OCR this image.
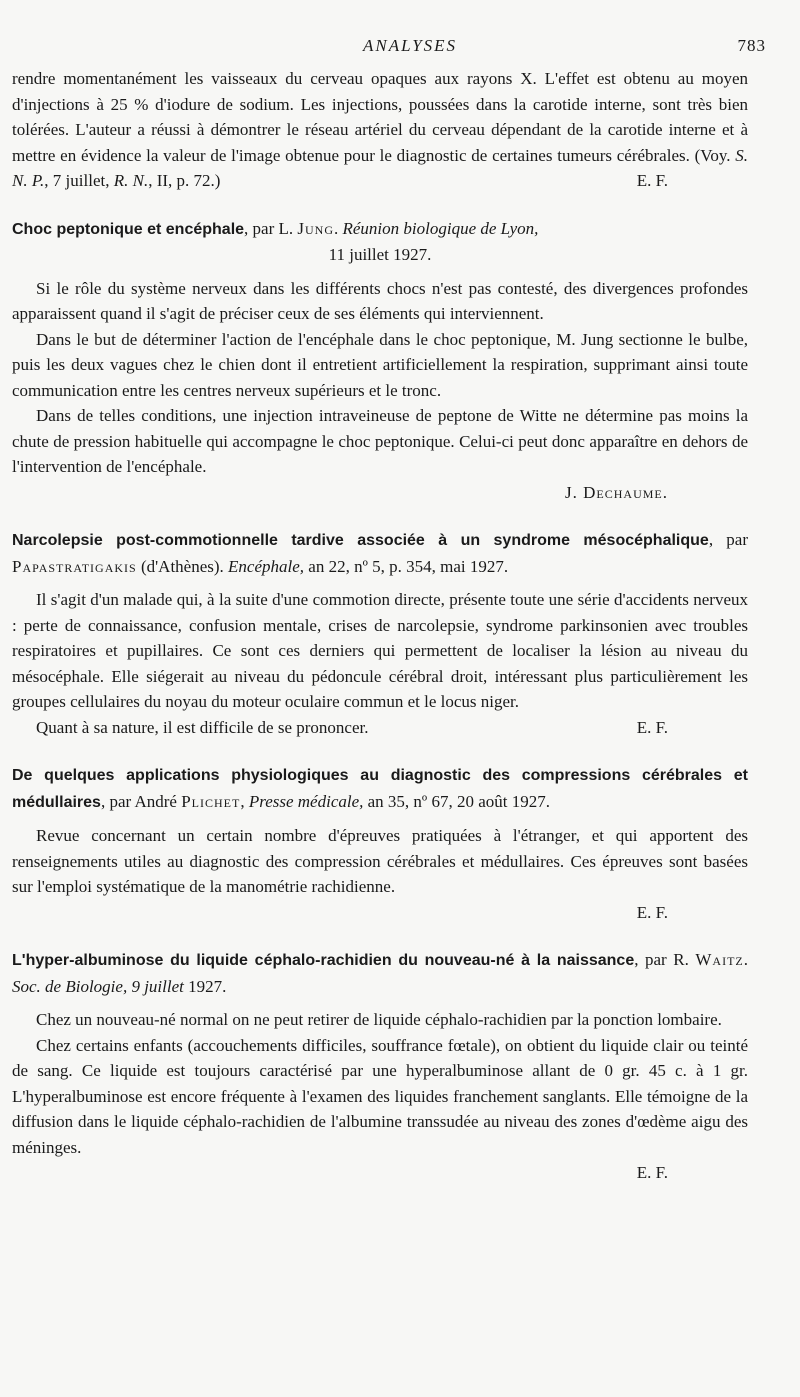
ANALYSES	783

rendre momentanément les vaisseaux du cerveau opaques aux rayons X. L'effet est obtenu au moyen d'injections à 25 % d'iodure de sodium. Les injections, poussées dans la carotide interne, sont très bien tolérées. L'auteur a réussi à démontrer le réseau artériel du cerveau dépendant de la carotide interne et à mettre en évidence la valeur de l'image obtenue pour le diagnostic de certaines tumeurs cérébrales. (Voy. S. N. P., 7 juillet, R. N., II, p. 72.)	E. F.

Choc peptonique et encéphale, par L. Jung. Réunion biologique de Lyon,
11 juillet 1927.

Si le rôle du système nerveux dans les différents chocs n'est pas contesté, des divergences profondes apparaissent quand il s'agit de préciser ceux de ses éléments qui interviennent.

Dans le but de déterminer l'action de l'encéphale dans le choc peptonique, M. Jung sectionne le bulbe, puis les deux vagues chez le chien dont il entretient artificiellement la respiration, supprimant ainsi toute communication entre les centres nerveux supérieurs et le tronc.

Dans de telles conditions, une injection intraveineuse de peptone de Witte ne détermine pas moins la chute de pression habituelle qui accompagne le choc peptonique. Celui-ci peut donc apparaître en dehors de l'intervention de l'encéphale.

J. Dechaume.

Narcolepsie post-commotionnelle tardive associée à un syndrome mésocéphalique, par Papastratigakis (d'Athènes). Encéphale, an 22, nº 5, p. 354, mai 1927.

Il s'agit d'un malade qui, à la suite d'une commotion directe, présente toute une série d'accidents nerveux : perte de connaissance, confusion mentale, crises de narcolepsie, syndrome parkinsonien avec troubles respiratoires et pupillaires. Ce sont ces derniers qui permettent de localiser la lésion au niveau du mésocéphale. Elle siégerait au niveau du pédoncule cérébral droit, intéressant plus particulièrement les groupes cellulaires du noyau du moteur oculaire commun et le locus niger.

Quant à sa nature, il est difficile de se prononcer.	E. F.

De quelques applications physiologiques au diagnostic des compressions cérébrales et médullaires, par André Plichet, Presse médicale, an 35, nº 67, 20 août 1927.

Revue concernant un certain nombre d'épreuves pratiquées à l'étranger, et qui apportent des renseignements utiles au diagnostic des compression cérébrales et médullaires. Ces épreuves sont basées sur l'emploi systématique de la manométrie rachidienne.

E. F.

L'hyper-albuminose du liquide céphalo-rachidien du nouveau-né à la naissance, par R. Waitz. Soc. de Biologie, 9 juillet 1927.

Chez un nouveau-né normal on ne peut retirer de liquide céphalo-rachidien par la ponction lombaire.

Chez certains enfants (accouchements difficiles, souffrance fœtale), on obtient du liquide clair ou teinté de sang. Ce liquide est toujours caractérisé par une hyperalbuminose allant de 0 gr. 45 c. à 1 gr. L'hyperalbuminose est encore fréquente à l'examen des liquides franchement sanglants. Elle témoigne de la diffusion dans le liquide céphalo-rachidien de l'albumine transsudée au niveau des zones d'œdème aigu des méninges.

E. F.
